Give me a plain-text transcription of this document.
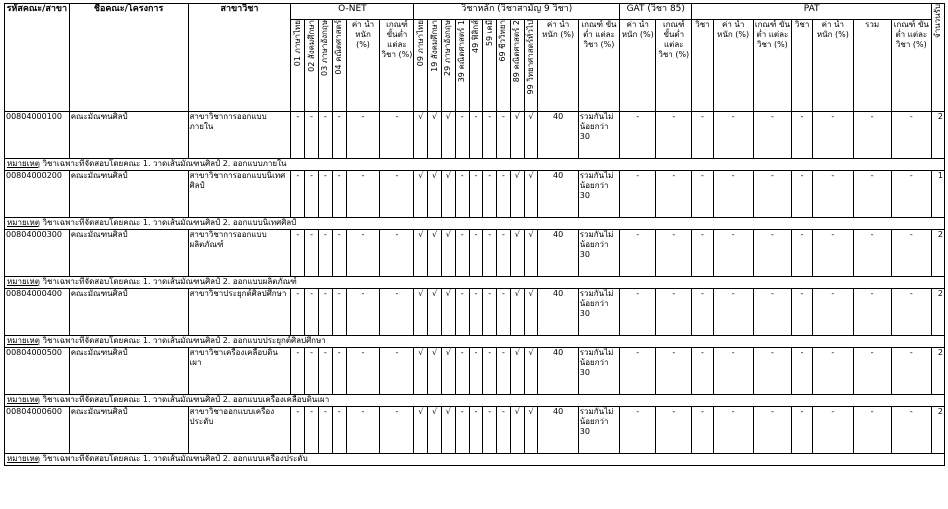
รหัสคณะ/สาขา	ชื่อคณะ/โครงการ	สาขาวิชา	O-NET						วิชาหลัก (วิชาสามัญ 9 วิชา)											GAT (วิชา 85)		PAT							จำนวนรับ
			01 ภาษาไทย	02 สังคมศึกษา	03 ภาษาอังกฤษ	04 คณิตศาสตร์	ค่า น้ำหนัก (%)	เกณฑ์ ขั้นต่ำ แต่ละ วิชา (%)	09 ภาษาไทย	19 สังคมศึกษา	29 ภาษาอังกฤษ	39 คณิตศาสตร์ 1	49 ฟิสิกส์	59 เคมี	69 ชีววิทยา	89 คณิตศาสตร์ 2	99 วิทยาศาสตร์ทั่วไป	ค่า น้ำหนัก (%)	เกณฑ์ ขั้นต่ำ แต่ละ วิชา (%)	ค่า น้ำหนัก (%)	เกณฑ์ ขั้นต่ำ แต่ละ วิชา (%)	วิชา	ค่า น้ำหนัก (%)	เกณฑ์ ขั้นต่ำ แต่ละ วิชา (%)	วิชา	ค่า น้ำหนัก (%)	รวม	เกณฑ์ ขั้นต่ำ แต่ละ วิชา (%)	
00804000100	คณะมัณฑนศิลป์	สาขาวิชาการออกแบบภายใน	-	-	-	-	-	-	√	√	√	-	-	-	-	√	√	40	รวมกันไม่น้อยกว่า 30	-	-	-	-	-	-	-	-	-	2
หมายเหตุ วิชาเฉพาะที่จัดสอบโดยคณะ 1. วาดเส้นมัณฑนศิลป์ 2. ออกแบบภายใน																													
00804000200	คณะมัณฑนศิลป์	สาขาวิชาการออกแบบนิเทศศิลป์	-	-	-	-	-	-	√	√	√	-	-	-	-	√	√	40	รวมกันไม่น้อยกว่า 30	-	-	-	-	-	-	-	-	-	1
หมายเหตุ วิชาเฉพาะที่จัดสอบโดยคณะ 1. วาดเส้นมัณฑนศิลป์ 2. ออกแบบนิเทศศิลป์																													
00804000300	คณะมัณฑนศิลป์	สาขาวิชาการออกแบบผลิตภัณฑ์	-	-	-	-	-	-	√	√	√	-	-	-	-	√	√	40	รวมกันไม่น้อยกว่า 30	-	-	-	-	-	-	-	-	-	2
หมายเหตุ วิชาเฉพาะที่จัดสอบโดยคณะ 1. วาดเส้นมัณฑนศิลป์ 2. ออกแบบผลิตภัณฑ์																													
00804000400	คณะมัณฑนศิลป์	สาขาวิชาประยุกต์ศิลปศึกษา	-	-	-	-	-	-	√	√	√	-	-	-	-	√	√	40	รวมกันไม่น้อยกว่า 30	-	-	-	-	-	-	-	-	-	2
หมายเหตุ วิชาเฉพาะที่จัดสอบโดยคณะ 1. วาดเส้นมัณฑนศิลป์ 2. ออกแบบประยุกต์ศิลปศึกษา																													
00804000500	คณะมัณฑนศิลป์	สาขาวิชาเครื่องเคลือบดินเผา	-	-	-	-	-	-	√	√	√	-	-	-	-	√	√	40	รวมกันไม่น้อยกว่า 30	-	-	-	-	-	-	-	-	-	2
หมายเหตุ วิชาเฉพาะที่จัดสอบโดยคณะ 1. วาดเส้นมัณฑนศิลป์ 2. ออกแบบเครื่องเคลือบดินเผา																													
00804000600	คณะมัณฑนศิลป์	สาขาวิชาออกแบบเครื่องประดับ	-	-	-	-	-	-	√	√	√	-	-	-	-	√	√	40	รวมกันไม่น้อยกว่า 30	-	-	-	-	-	-	-	-	-	2
หมายเหตุ วิชาเฉพาะที่จัดสอบโดยคณะ 1. วาดเส้นมัณฑนศิลป์ 2. ออกแบบเครื่องประดับ																													
